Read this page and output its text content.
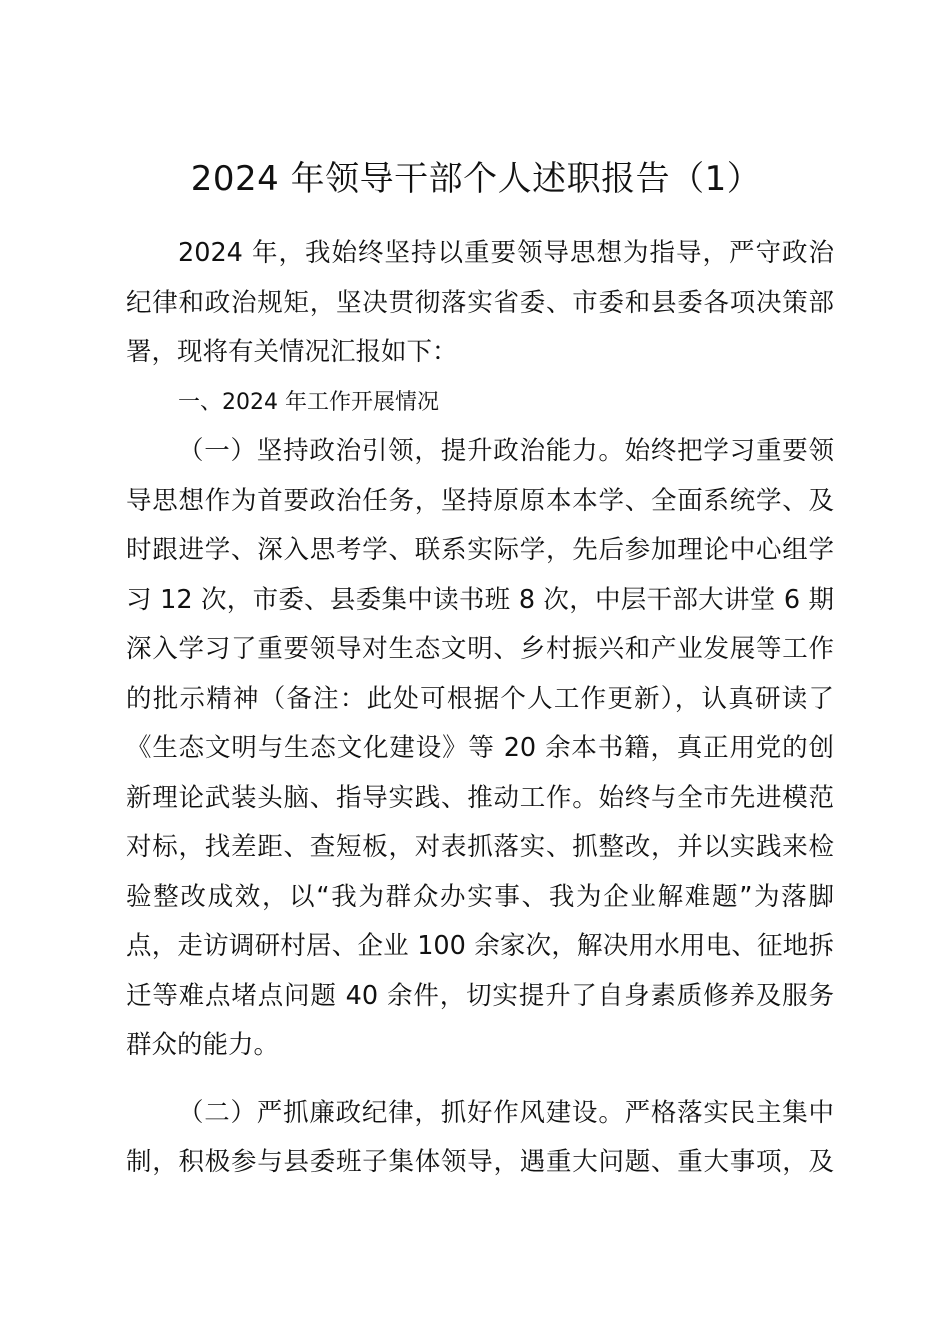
2024 年领导干部个人述职报告（1）
2024 年，我始终坚持以重要领导思想为指导，严守政治
纪律和政治规矩，坚决贯彻落实省委、市委和县委各项决策部
署，现将有关情况汇报如下：
一、2024 年工作开展情况
（一）坚持政治引领，提升政治能力。始终把学习重要领
导思想作为首要政治任务，坚持原原本本学、全面系统学、及
时跟进学、深入思考学、联系实际学，先后参加理论中心组学
习 12 次，市委、县委集中读书班 8 次，中层干部大讲堂 6 期
深入学习了重要领导对生态文明、乡村振兴和产业发展等工作
的批示精神（备注：此处可根据个人工作更新），认真研读了
《生态文明与生态文化建设》等 20 余本书籍，真正用党的创
新理论武装头脑、指导实践、推动工作。始终与全市先进模范
对标，找差距、查短板，对表抓落实、抓整改，并以实践来检
验整改成效，以“我为群众办实事、我为企业解难题”为落脚
点，走访调研村居、企业 100 余家次，解决用水用电、征地拆
迁等难点堵点问题 40 余件，切实提升了自身素质修养及服务
群众的能力。
（二）严抓廉政纪律，抓好作风建设。严格落实民主集中
制，积极参与县委班子集体领导，遇重大问题、重大事项，及
